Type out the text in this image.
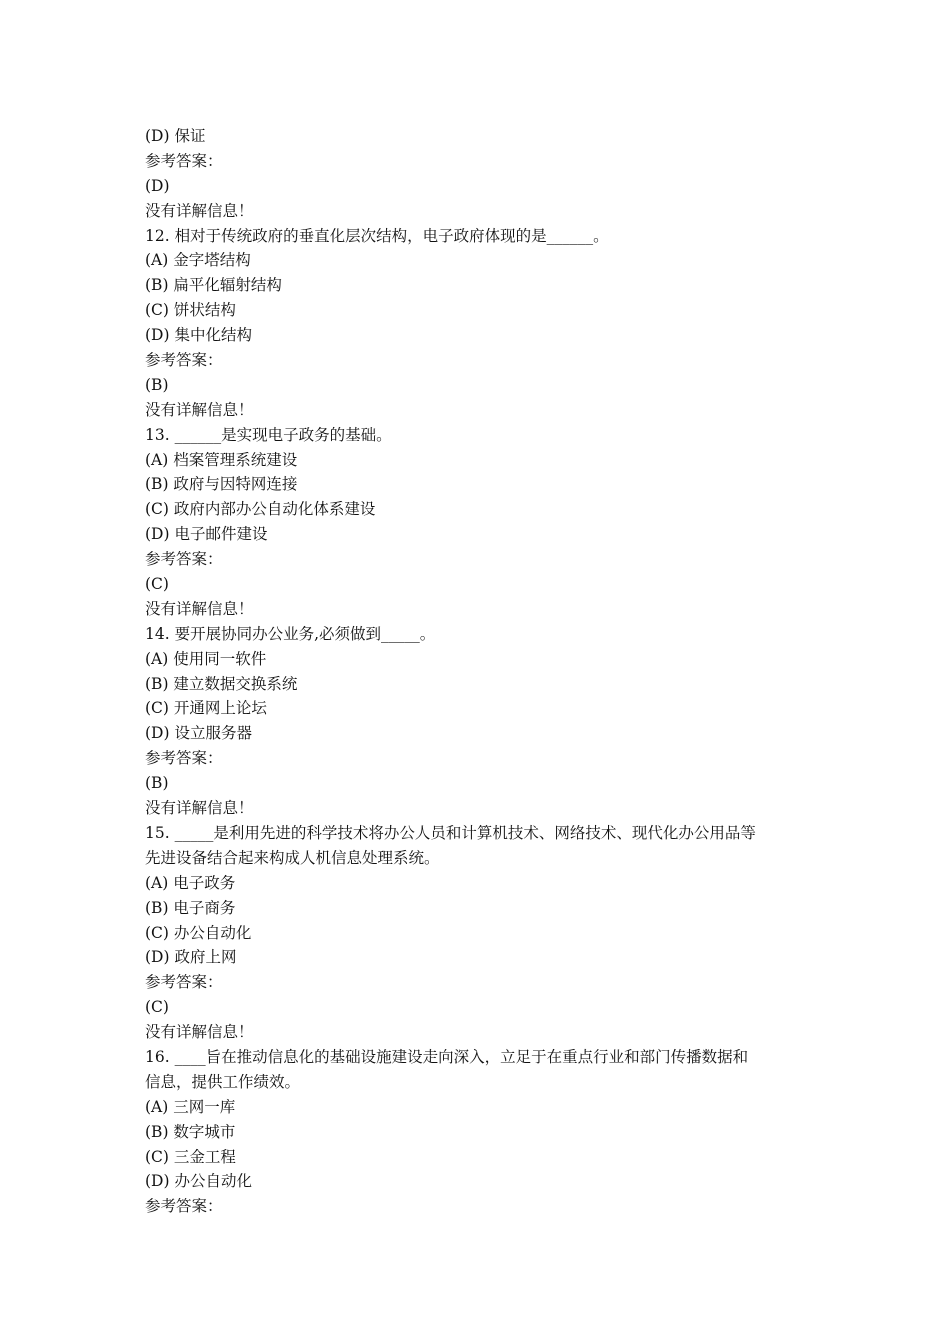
(D) 保证
参考答案：
(D)
没有详解信息！
12. 相对于传统政府的垂直化层次结构，电子政府体现的是______。
(A) 金字塔结构
(B) 扁平化辐射结构
(C) 饼状结构
(D) 集中化结构
参考答案：
(B)
没有详解信息！
13. ______是实现电子政务的基础。
(A) 档案管理系统建设
(B) 政府与因特网连接
(C) 政府内部办公自动化体系建设
(D) 电子邮件建设
参考答案：
(C)
没有详解信息！
14. 要开展协同办公业务,必须做到_____。
(A) 使用同一软件
(B) 建立数据交换系统
(C) 开通网上论坛
(D) 设立服务器
参考答案：
(B)
没有详解信息！
15. _____是利用先进的科学技术将办公人员和计算机技术、网络技术、现代化办公用品等
先进设备结合起来构成人机信息处理系统。
(A) 电子政务
(B) 电子商务
(C) 办公自动化
(D) 政府上网
参考答案：
(C)
没有详解信息！
16. ____旨在推动信息化的基础设施建设走向深入，立足于在重点行业和部门传播数据和
信息，提供工作绩效。
(A) 三网一库
(B) 数字城市
(C) 三金工程
(D) 办公自动化
参考答案：
